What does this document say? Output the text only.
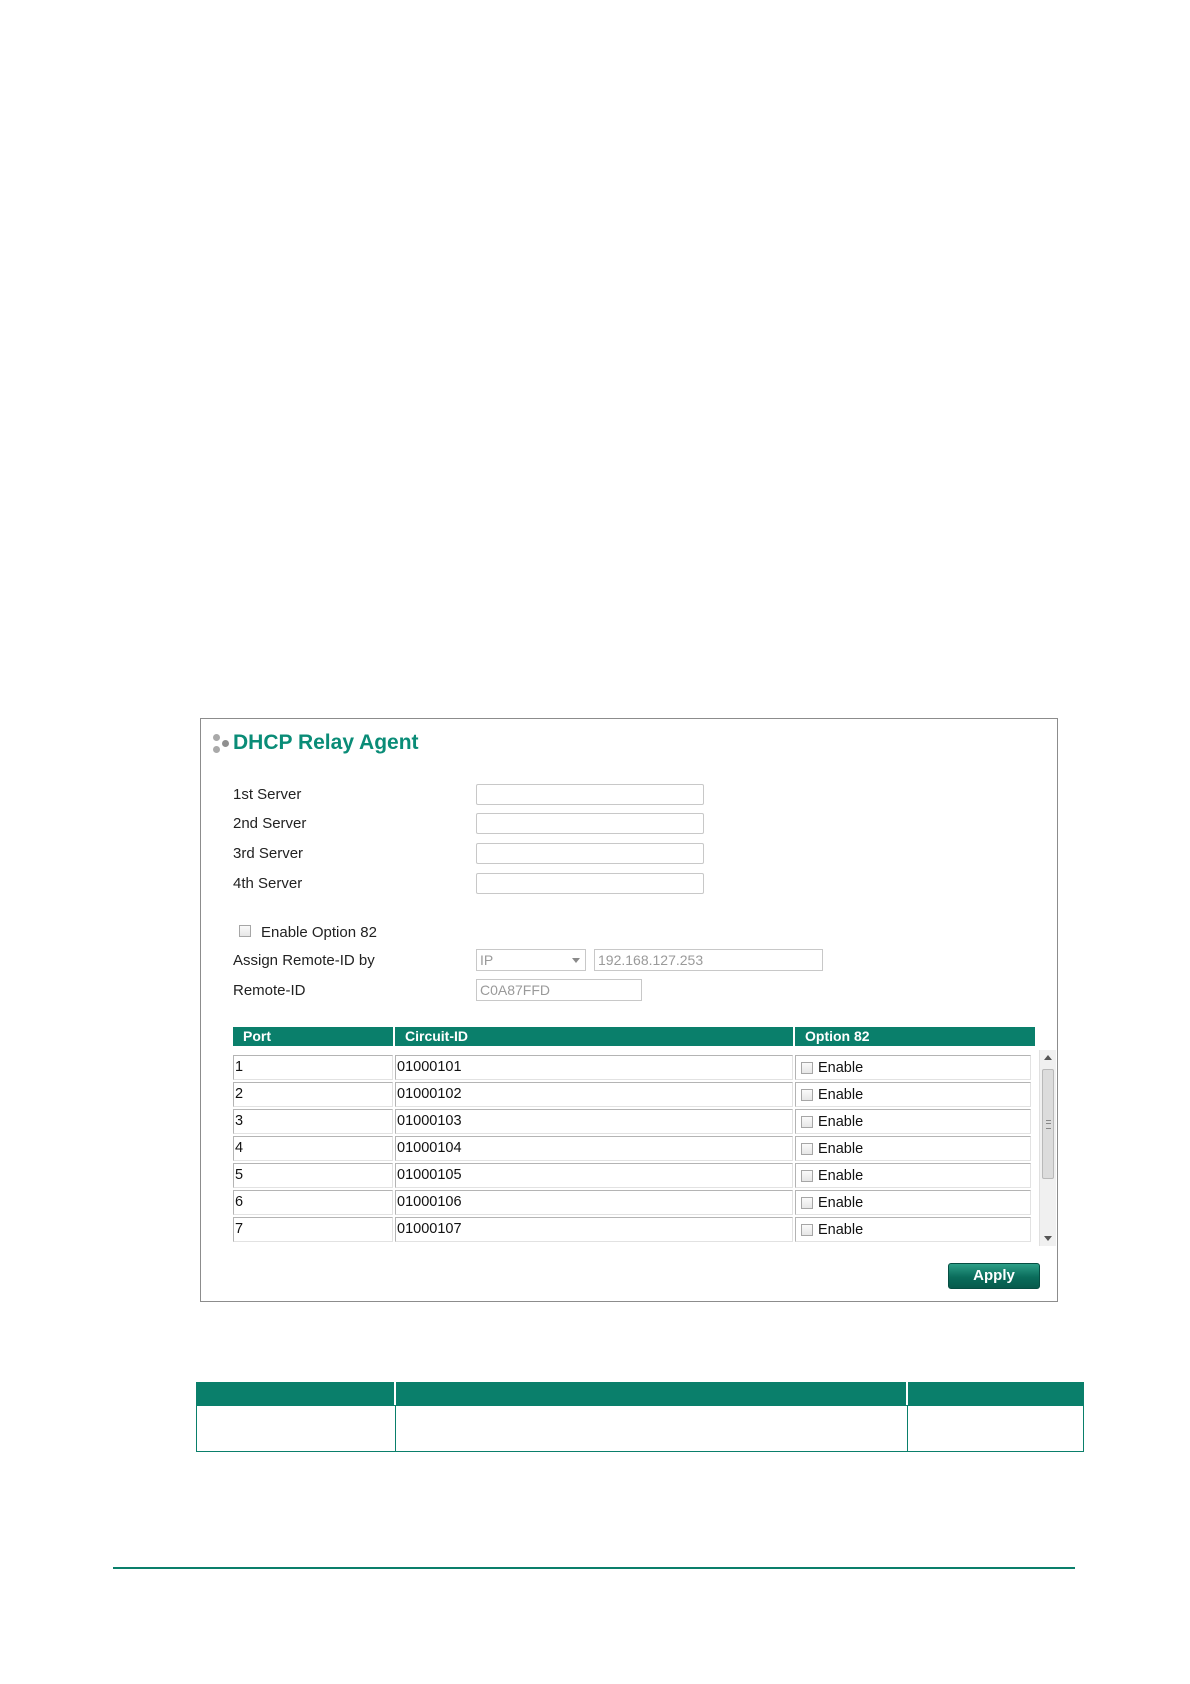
DHCP Relay Agent
1st Server
2nd Server
3rd Server
4th Server
Enable Option 82
Assign Remote-ID by	IP	192.168.127.253
Remote-ID	C0A87FFD
Port	Circuit-ID	Option 82
1	01000101	Enable
2	01000102	Enable
3	01000103	Enable
4	01000104	Enable
5	01000105	Enable
6	01000106	Enable
7	01000107	Enable
Apply
